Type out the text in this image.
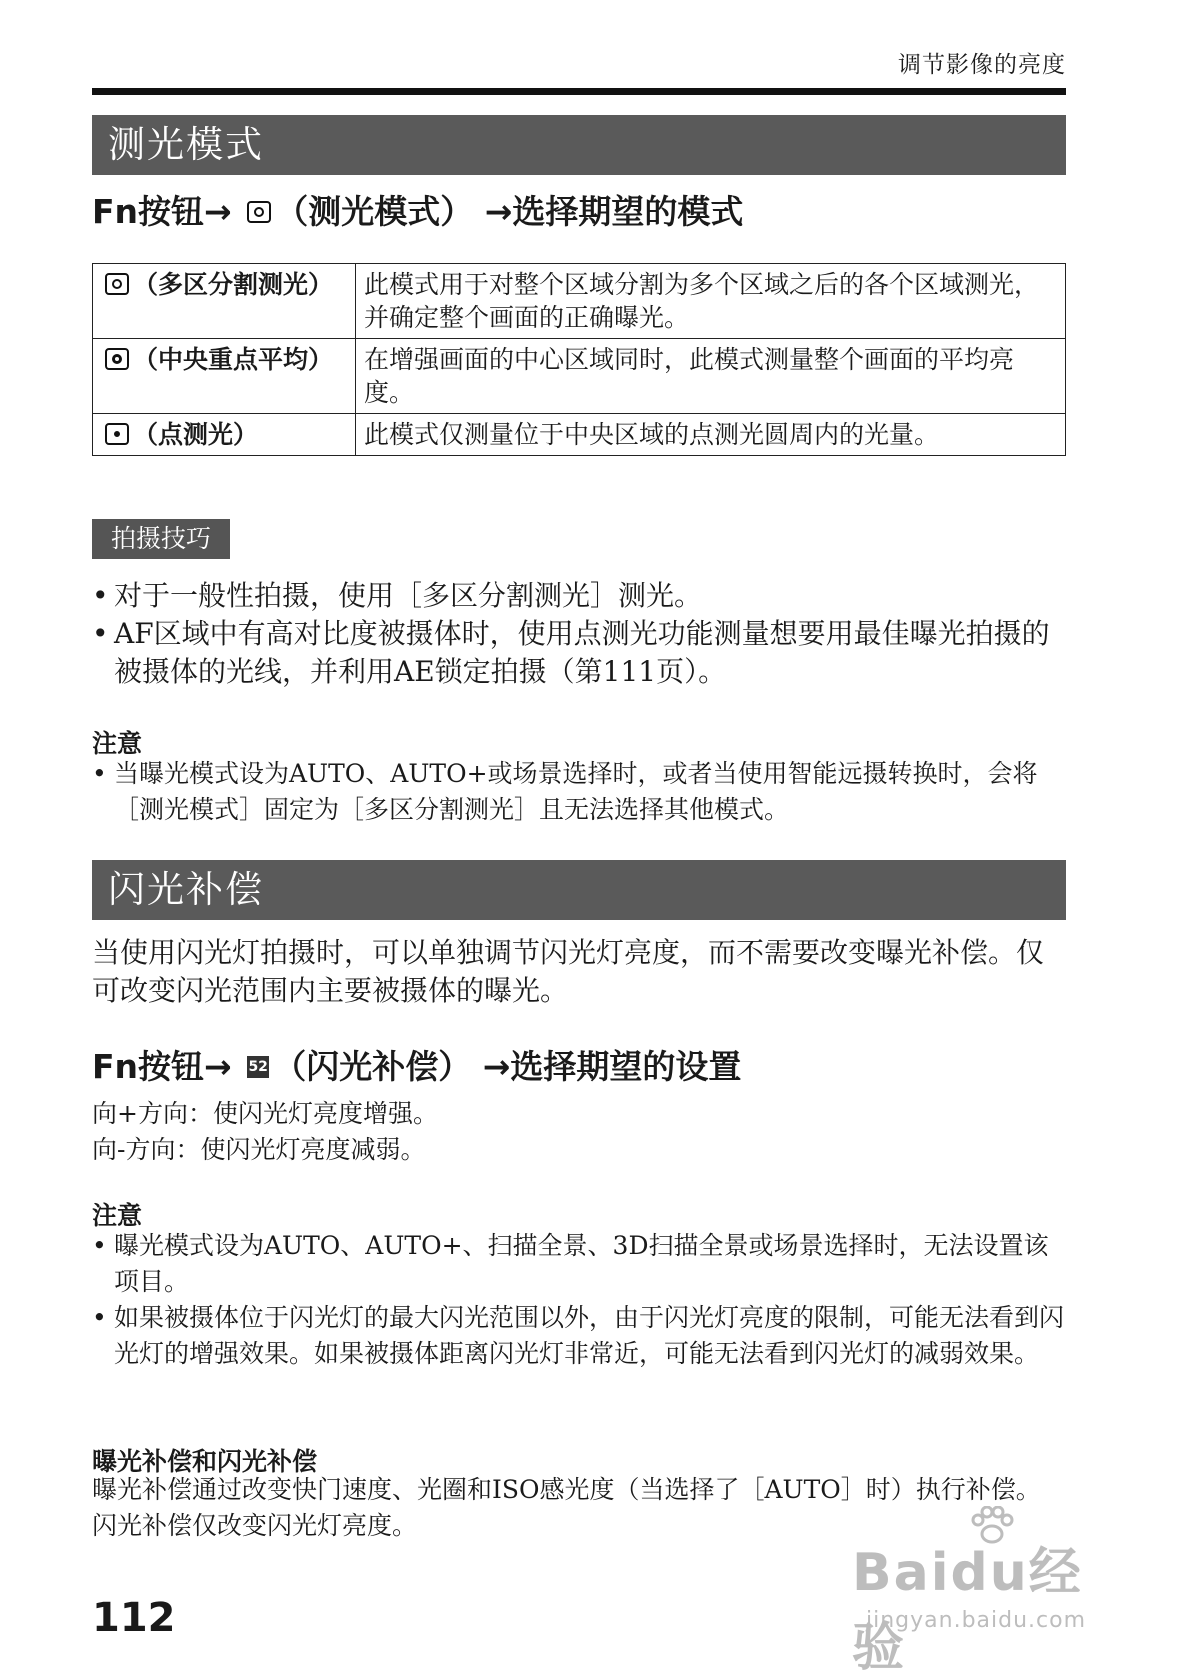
调节影像的亮度
测光模式
Fn按钮→ （测光模式） →选择期望的模式
（多区分割测光）	此模式用于对整个区域分割为多个区域之后的各个区域测光，并确定整个画面的正确曝光。
（中央重点平均）	在增强画面的中心区域同时，此模式测量整个画面的平均亮度。
（点测光）	此模式仅测量位于中央区域的点测光圆周内的光量。
拍摄技巧
• 对于一般性拍摄，使用［多区分割测光］测光。
• AF区域中有高对比度被摄体时，使用点测光功能测量想要用最佳曝光拍摄的被摄体的光线，并利用AE锁定拍摄（第111页）。
注意
• 当曝光模式设为AUTO、AUTO+或场景选择时，或者当使用智能远摄转换时，会将［测光模式］固定为［多区分割测光］且无法选择其他模式。
闪光补偿
当使用闪光灯拍摄时，可以单独调节闪光灯亮度，而不需要改变曝光补偿。仅可改变闪光范围内主要被摄体的曝光。
Fn按钮→ 52 （闪光补偿） →选择期望的设置
向+方向：使闪光灯亮度增强。
向-方向：使闪光灯亮度减弱。
注意
• 曝光模式设为AUTO、AUTO+、扫描全景、3D扫描全景或场景选择时，无法设置该项目。
• 如果被摄体位于闪光灯的最大闪光范围以外，由于闪光灯亮度的限制，可能无法看到闪光灯的增强效果。如果被摄体距离闪光灯非常近，可能无法看到闪光灯的减弱效果。
曝光补偿和闪光补偿
曝光补偿通过改变快门速度、光圈和ISO感光度（当选择了［AUTO］时）执行补偿。
闪光补偿仅改变闪光灯亮度。
112
Baidu经验
jingyan.baidu.com
